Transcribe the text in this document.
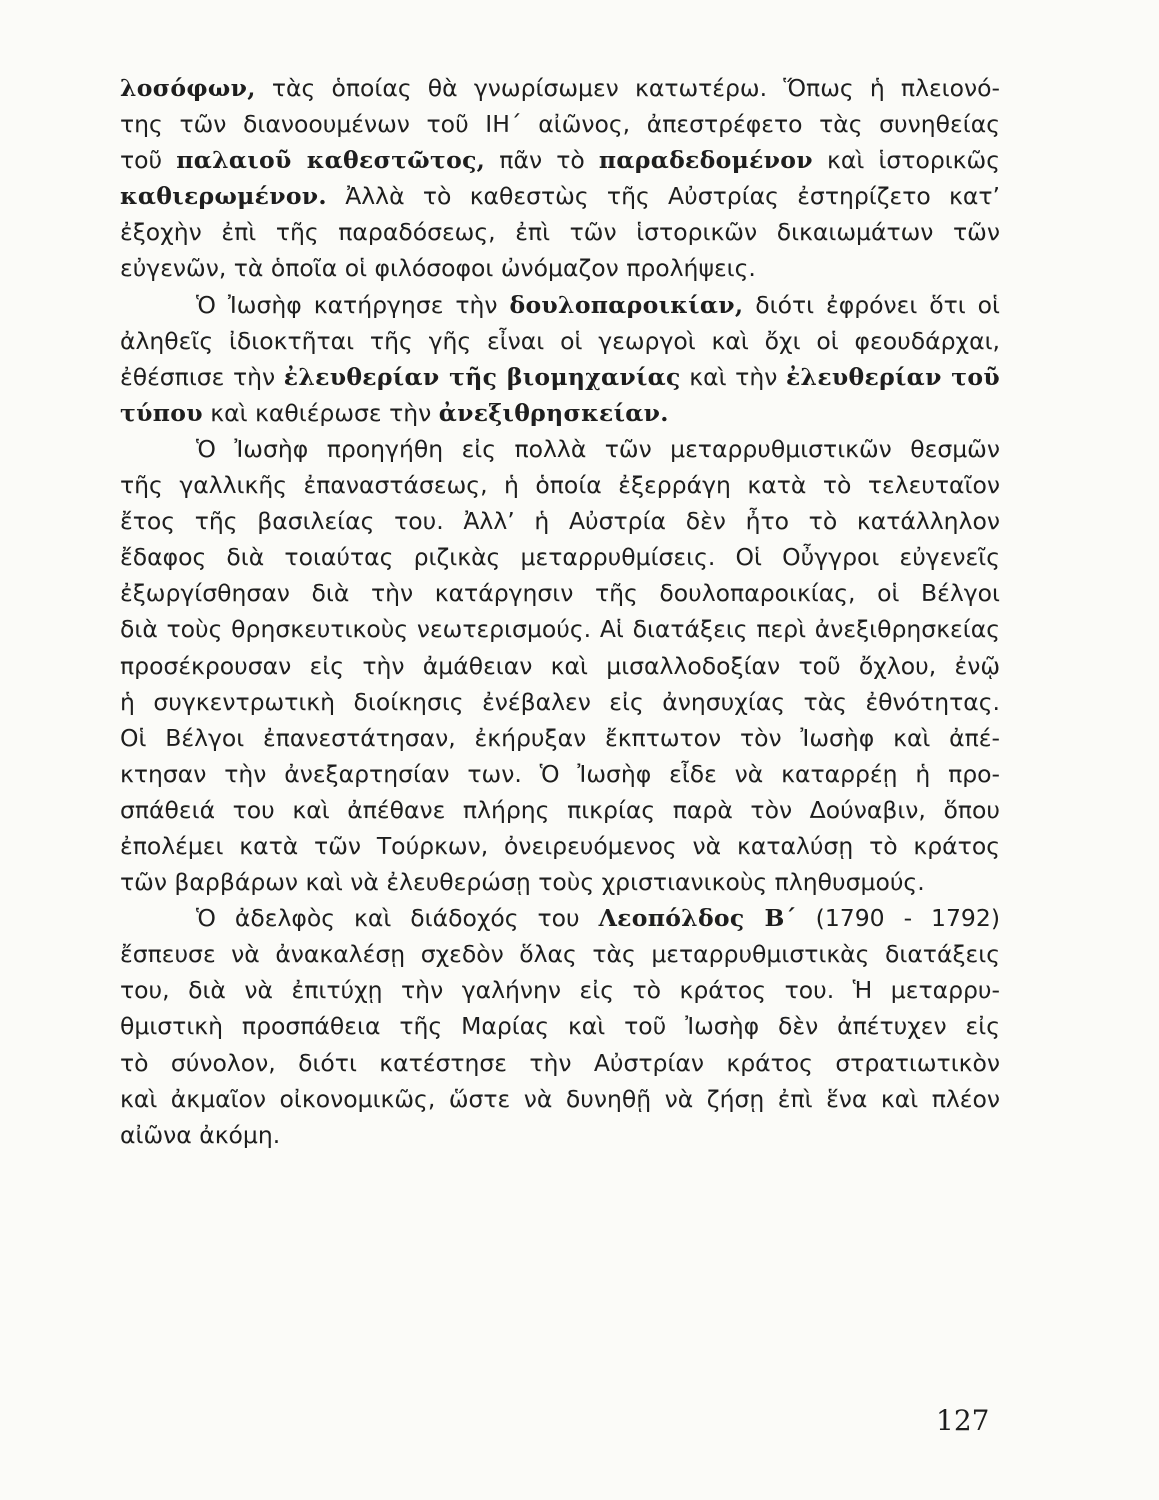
λοσόφων, τὰς ὁποίας θὰ γνωρίσωμεν κατωτέρω. Ὅπως ἡ πλειονό-
της τῶν διανοουμένων τοῦ ΙΗ΄ αἰῶνος, ἀπεστρέφετο τὰς συνηθείας
τοῦ παλαιοῦ καθεστῶτος, πᾶν τὸ παραδεδομένον καὶ ἱστορικῶς
καθιερωμένον. Ἀλλὰ τὸ καθεστὼς τῆς Αὐστρίας ἐστηρίζετο κατ’
ἐξοχὴν ἐπὶ τῆς παραδόσεως, ἐπὶ τῶν ἱστορικῶν δικαιωμάτων τῶν
εὐγενῶν, τὰ ὁποῖα οἱ φιλόσοφοι ὠνόμαζον προλήψεις.
Ὁ Ἰωσὴφ κατήργησε τὴν δουλοπαροικίαν, διότι ἐφρόνει ὅτι οἱ
ἀληθεῖς ἰδιοκτῆται τῆς γῆς εἶναι οἱ γεωργοὶ καὶ ὄχι οἱ φεουδάρχαι,
ἐθέσπισε τὴν ἐλευθερίαν τῆς βιομηχανίας καὶ τὴν ἐλευθερίαν τοῦ
τύπου καὶ καθιέρωσε τὴν ἀνεξιθρησκείαν.
Ὁ Ἰωσὴφ προηγήθη εἰς πολλὰ τῶν μεταρρυθμιστικῶν θεσμῶν
τῆς γαλλικῆς ἐπαναστάσεως, ἡ ὁποία ἐξερράγη κατὰ τὸ τελευταῖον
ἔτος τῆς βασιλείας του. Ἀλλ’ ἡ Αὐστρία δὲν ἦτο τὸ κατάλληλον
ἔδαφος διὰ τοιαύτας ριζικὰς μεταρρυθμίσεις. Οἱ Οὖγγροι εὐγενεῖς
ἐξωργίσθησαν διὰ τὴν κατάργησιν τῆς δουλοπαροικίας, οἱ Βέλγοι
διὰ τοὺς θρησκευτικοὺς νεωτερισμούς. Αἱ διατάξεις περὶ ἀνεξιθρησκείας
προσέκρουσαν εἰς τὴν ἀμάθειαν καὶ μισαλλοδοξίαν τοῦ ὄχλου, ἐνῷ
ἡ συγκεντρωτικὴ διοίκησις ἐνέβαλεν εἰς ἀνησυχίας τὰς ἐθνότητας.
Οἱ Βέλγοι ἐπανεστάτησαν, ἐκήρυξαν ἔκπτωτον τὸν Ἰωσὴφ καὶ ἀπέ-
κτησαν τὴν ἀνεξαρτησίαν των. Ὁ Ἰωσὴφ εἶδε νὰ καταρρέῃ ἡ προ-
σπάθειά του καὶ ἀπέθανε πλήρης πικρίας παρὰ τὸν Δούναβιν, ὅπου
ἐπολέμει κατὰ τῶν Τούρκων, ὀνειρευόμενος νὰ καταλύσῃ τὸ κράτος
τῶν βαρβάρων καὶ νὰ ἐλευθερώσῃ τοὺς χριστιανικοὺς πληθυσμούς.
Ὁ ἀδελφὸς καὶ διάδοχός του Λεοπόλδος Β΄ (1790 - 1792)
ἔσπευσε νὰ ἀνακαλέσῃ σχεδὸν ὅλας τὰς μεταρρυθμιστικὰς διατάξεις
του, διὰ νὰ ἐπιτύχῃ τὴν γαλήνην εἰς τὸ κράτος του. Ἡ μεταρρυ-
θμιστικὴ προσπάθεια τῆς Μαρίας καὶ τοῦ Ἰωσὴφ δὲν ἀπέτυχεν εἰς
τὸ σύνολον, διότι κατέστησε τὴν Αὐστρίαν κράτος στρατιωτικὸν
καὶ ἀκμαῖον οἰκονομικῶς, ὥστε νὰ δυνηθῇ νὰ ζήσῃ ἐπὶ ἕνα καὶ πλέον
αἰῶνα ἀκόμη.
127
